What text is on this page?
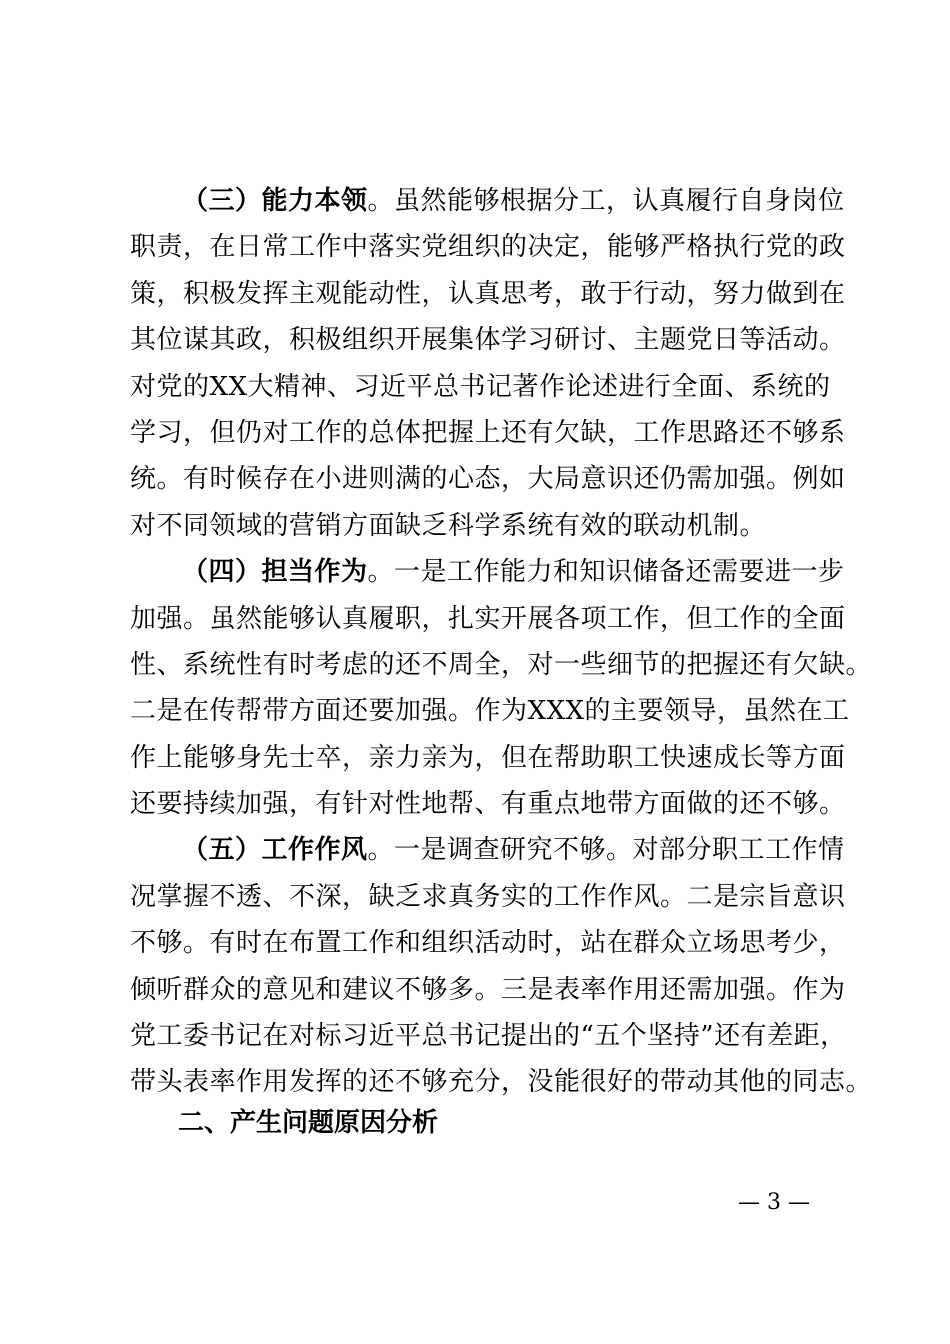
（三）能力本领。虽然能够根据分工，认真履行自身岗位
职责，在日常工作中落实党组织的决定，能够严格执行党的政
策，积极发挥主观能动性，认真思考，敢于行动，努力做到在
其位谋其政，积极组织开展集体学习研讨、主题党日等活动。
对党的XX大精神、习近平总书记著作论述进行全面、系统的
学习，但仍对工作的总体把握上还有欠缺，工作思路还不够系
统。有时候存在小进则满的心态，大局意识还仍需加强。例如
对不同领域的营销方面缺乏科学系统有效的联动机制。
（四）担当作为。一是工作能力和知识储备还需要进一步
加强。虽然能够认真履职，扎实开展各项工作，但工作的全面
性、系统性有时考虑的还不周全，对一些细节的把握还有欠缺。
二是在传帮带方面还要加强。作为XXX的主要领导，虽然在工
作上能够身先士卒，亲力亲为，但在帮助职工快速成长等方面
还要持续加强，有针对性地帮、有重点地带方面做的还不够。
（五）工作作风。一是调查研究不够。对部分职工工作情
况掌握不透、不深，缺乏求真务实的工作作风。二是宗旨意识
不够。有时在布置工作和组织活动时，站在群众立场思考少，
倾听群众的意见和建议不够多。三是表率作用还需加强。作为
党工委书记在对标习近平总书记提出的“五个坚持”还有差距，
带头表率作用发挥的还不够充分，没能很好的带动其他的同志。
二、产生问题原因分析
— 3 —
